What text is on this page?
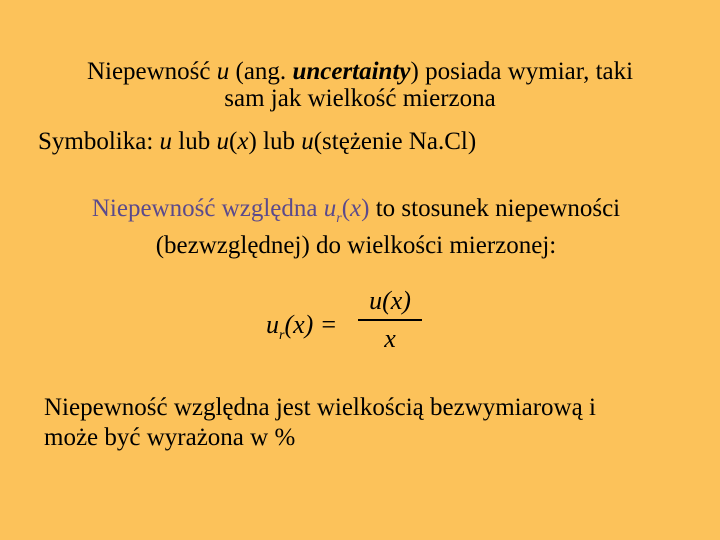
Niepewność u (ang. uncertainty) posiada wymiar, taki
sam jak wielkość mierzona
Symbolika: u lub u(x) lub u(stężenie Na.Cl)
Niepewność względna $u_r(x)$ to stosunek niepewności
(bezwzględnej) do wielkości mierzonej:
$u_r(x)$ =
u(x)
x
Niepewność względna jest wielkością bezwymiarową i
może być wyrażona w %
